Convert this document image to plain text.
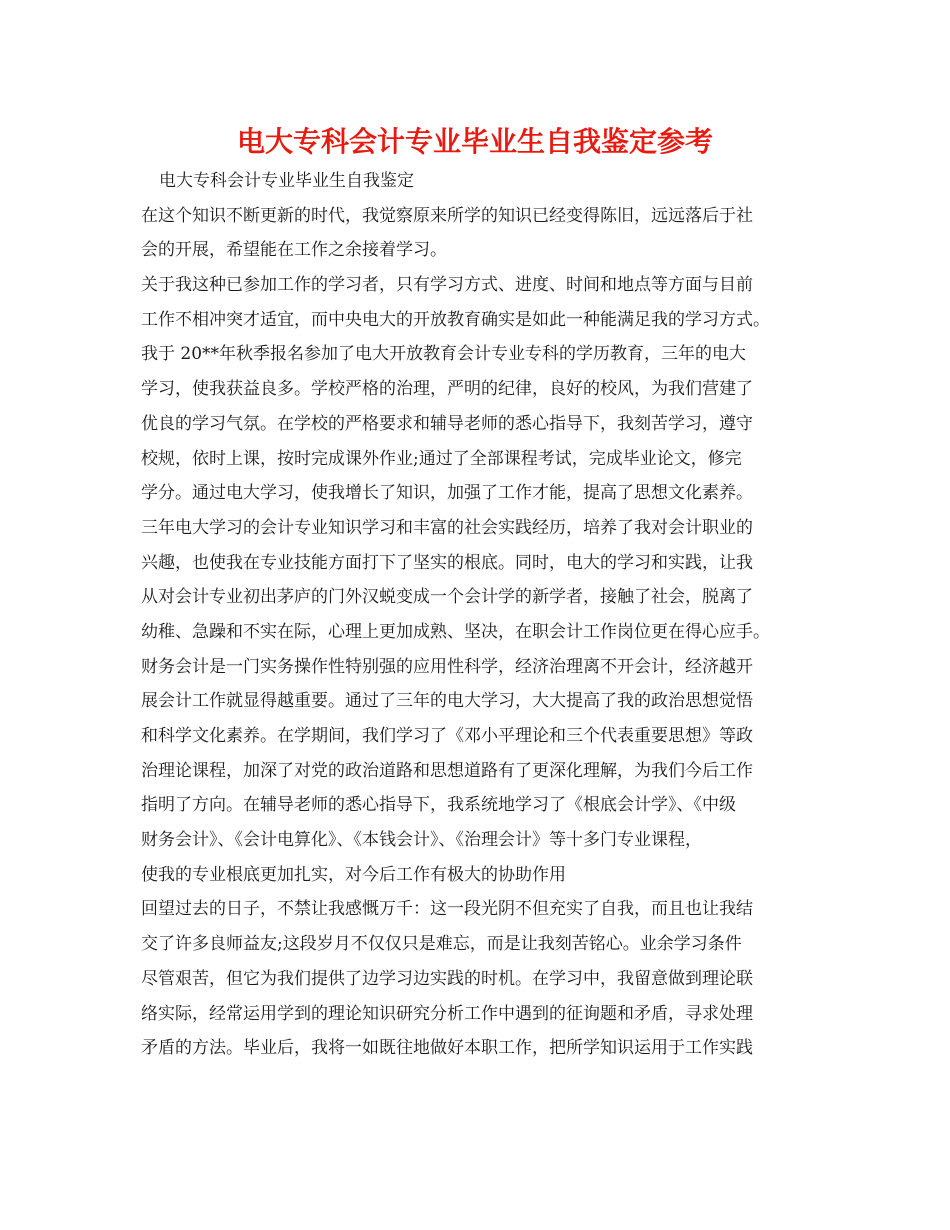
电大专科会计专业毕业生自我鉴定参考

电大专科会计专业毕业生自我鉴定

在这个知识不断更新的时代，我觉察原来所学的知识已经变得陈旧，远远落后于社

会的开展，希望能在工作之余接着学习。

关于我这种已参加工作的学习者，只有学习方式、进度、时间和地点等方面与目前

工作不相冲突才适宜，而中央电大的开放教育确实是如此一种能满足我的学习方式。

我于 20**年秋季报名参加了电大开放教育会计专业专科的学历教育，三年的电大

学习，使我获益良多。学校严格的治理，严明的纪律，良好的校风，为我们营建了

优良的学习气氛。在学校的严格要求和辅导老师的悉心指导下，我刻苦学习，遵守

校规，依时上课，按时完成课外作业;通过了全部课程考试，完成毕业论文，修完

学分。通过电大学习，使我增长了知识，加强了工作才能，提高了思想文化素养。

三年电大学习的会计专业知识学习和丰富的社会实践经历，培养了我对会计职业的

兴趣，也使我在专业技能方面打下了坚实的根底。同时，电大的学习和实践，让我

从对会计专业初出茅庐的门外汉蜕变成一个会计学的新学者，接触了社会，脱离了

幼稚、急躁和不实在际，心理上更加成熟、坚决，在职会计工作岗位更在得心应手。

财务会计是一门实务操作性特别强的应用性科学，经济治理离不开会计，经济越开

展会计工作就显得越重要。通过了三年的电大学习，大大提高了我的政治思想觉悟

和科学文化素养。在学期间，我们学习了《邓小平理论和三个代表重要思想》等政

治理论课程，加深了对党的政治道路和思想道路有了更深化理解，为我们今后工作

指明了方向。在辅导老师的悉心指导下，我系统地学习了《根底会计学》、《中级

财务会计》、《会计电算化》、《本钱会计》、《治理会计》等十多门专业课程，

使我的专业根底更加扎实，对今后工作有极大的协助作用

回望过去的日子，不禁让我感慨万千：这一段光阴不但充实了自我，而且也让我结

交了许多良师益友;这段岁月不仅仅只是难忘，而是让我刻苦铭心。业余学习条件

尽管艰苦，但它为我们提供了边学习边实践的时机。在学习中，我留意做到理论联

络实际，经常运用学到的理论知识研究分析工作中遇到的征询题和矛盾，寻求处理

矛盾的方法。毕业后，我将一如既往地做好本职工作，把所学知识运用于工作实践
